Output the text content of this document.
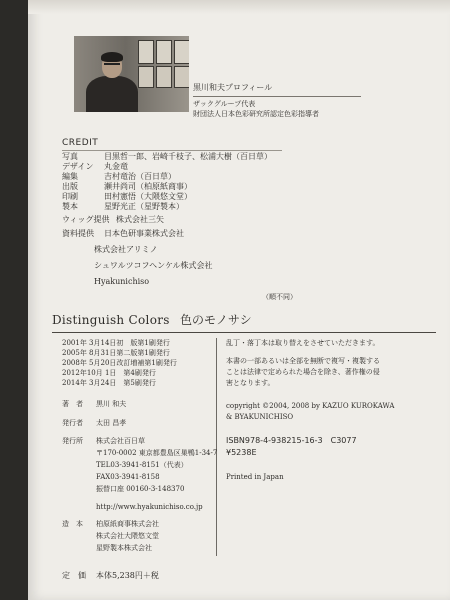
黒川和夫プロフィール
ザックグループ代表
財団法人日本色彩研究所認定色彩指導者
CREDIT
写真	目黒哲一郎、岩崎千枝子、松浦大樹（百日草）
デザイン 丸金竜
編集	吉村竜治（百日草）
出版	瀬井尚司（柏原紙商事）
印刷	田村憲悟（大隈悠文堂）
製本	星野光正（星野製本）
ウィッグ提供 株式会社三矢
資料提供 日本色研事業株式会社
株式会社アリミノ
シュワルツコフヘンケル株式会社
Hyakunichiso
（順不同）
Distinguish Colors 色のモノサシ
2001年 3月14日初　版第1刷発行
2005年 8月31日第二版第1刷発行
2008年 5月20日改訂増補第1刷発行
2012年10月 1日　第4刷発行
2014年 3月24日　第5刷発行
乱丁・落丁本は取り替えをさせていただきます。
本書の一部あるいは全部を無断で複写・複製する
ことは法律で定められた場合を除き、著作権の侵
害となります。
copyright ©2004, 2008 by KAZUO KUROKAWA
& BYAKUNICHISO
ISBN978-4-938215-16-3　C3077
¥5238E
Printed in Japan
著　者 黒川 和夫
発行者 太田 昌孝
発行所 株式会社百日草
〒170-0002 東京都豊島区巣鴨1-34-7
TEL03-3941-8151（代表）
FAX03-3941-8158
振替口座 00160-3-148370
http://www.hyakunichiso.co.jp
造　本 柏原紙商事株式会社
株式会社大隈悠文堂
星野製本株式会社
定　価 本体5,238円＋税
